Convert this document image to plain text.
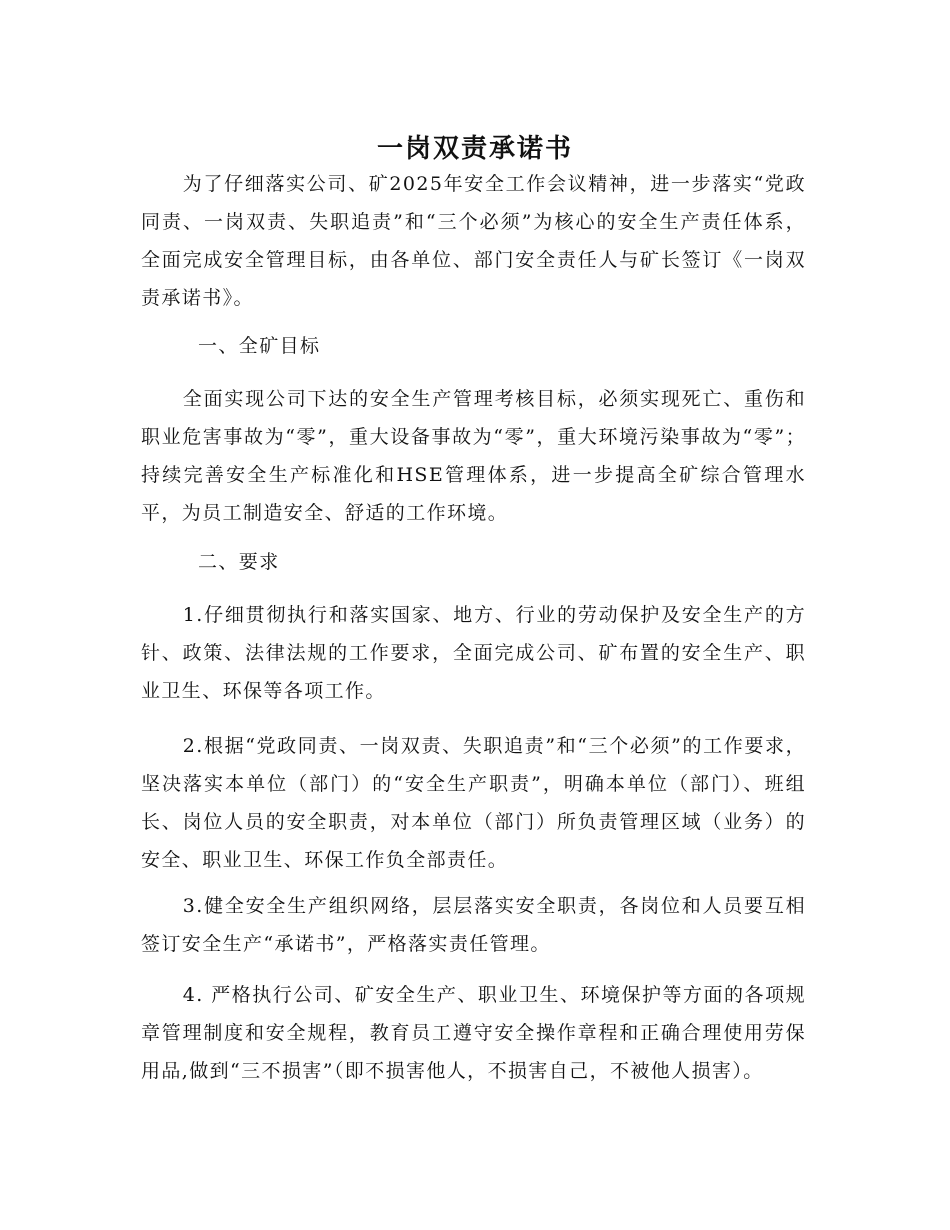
一岗双责承诺书

为了仔细落实公司、矿2025年安全工作会议精神，进一步落实“党政同责、一岗双责、失职追责”和“三个必须”为核心的安全生产责任体系，全面完成安全管理目标，由各单位、部门安全责任人与矿长签订《一岗双责承诺书》。

一、全矿目标

全面实现公司下达的安全生产管理考核目标，必须实现死亡、重伤和职业危害事故为“零”，重大设备事故为“零”，重大环境污染事故为“零”；持续完善安全生产标准化和HSE管理体系，进一步提高全矿综合管理水平，为员工制造安全、舒适的工作环境。

二、要求

1.仔细贯彻执行和落实国家、地方、行业的劳动保护及安全生产的方针、政策、法律法规的工作要求，全面完成公司、矿布置的安全生产、职业卫生、环保等各项工作。

2.根据“党政同责、一岗双责、失职追责”和“三个必须”的工作要求，坚决落实本单位（部门）的“安全生产职责”，明确本单位（部门）、班组长、岗位人员的安全职责，对本单位（部门）所负责管理区域（业务）的安全、职业卫生、环保工作负全部责任。

3.健全安全生产组织网络，层层落实安全职责，各岗位和人员要互相签订安全生产“承诺书”，严格落实责任管理。

4. 严格执行公司、矿安全生产、职业卫生、环境保护等方面的各项规章管理制度和安全规程，教育员工遵守安全操作章程和正确合理使用劳保用品,做到“三不损害”（即不损害他人，不损害自己，不被他人损害）。
